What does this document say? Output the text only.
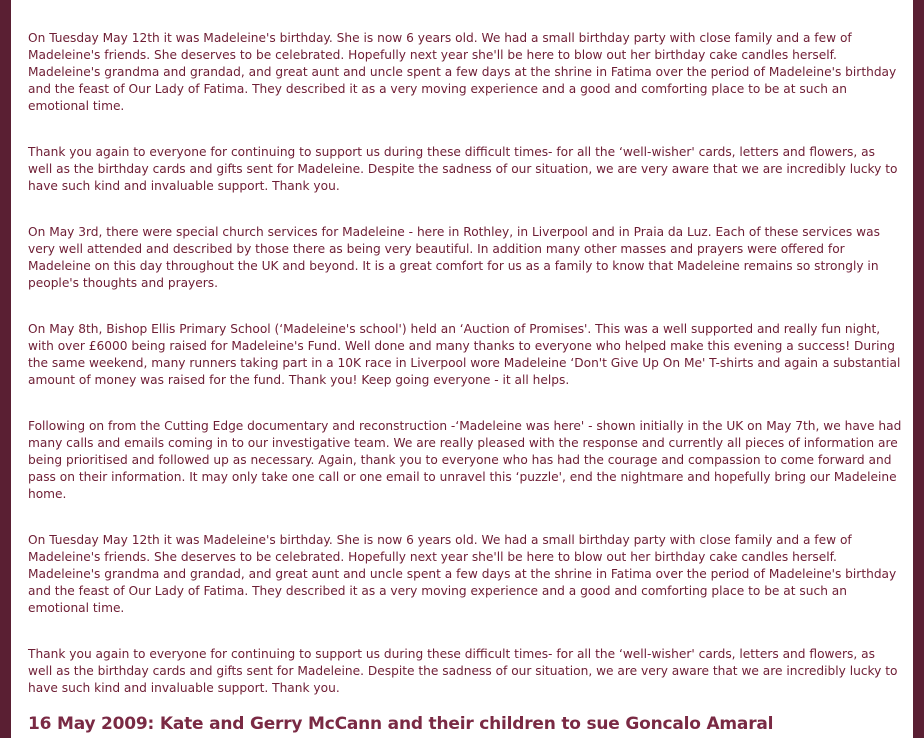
On Tuesday May 12th it was Madeleine's birthday. She is now 6 years old. We had a small birthday party with close family and a few of Madeleine's friends. She deserves to be celebrated. Hopefully next year she'll be here to blow out her birthday cake candles herself. Madeleine's grandma and grandad, and great aunt and uncle spent a few days at the shrine in Fatima over the period of Madeleine's birthday and the feast of Our Lady of Fatima. They described it as a very moving experience and a good and comforting place to be at such an emotional time.

Thank you again to everyone for continuing to support us during these difficult times- for all the ‘well-wisher' cards, letters and flowers, as well as the birthday cards and gifts sent for Madeleine. Despite the sadness of our situation, we are very aware that we are incredibly lucky to have such kind and invaluable support. Thank you.

On May 3rd, there were special church services for Madeleine - here in Rothley, in Liverpool and in Praia da Luz. Each of these services was very well attended and described by those there as being very beautiful. In addition many other masses and prayers were offered for Madeleine on this day throughout the UK and beyond. It is a great comfort for us as a family to know that Madeleine remains so strongly in people's thoughts and prayers.

On May 8th, Bishop Ellis Primary School (‘Madeleine's school') held an ‘Auction of Promises'. This was a well supported and really fun night, with over £6000 being raised for Madeleine's Fund. Well done and many thanks to everyone who helped make this evening a success! During the same weekend, many runners taking part in a 10K race in Liverpool wore Madeleine ‘Don't Give Up On Me' T-shirts and again a substantial amount of money was raised for the fund. Thank you! Keep going everyone - it all helps.

Following on from the Cutting Edge documentary and reconstruction -‘Madeleine was here' - shown initially in the UK on May 7th, we have had many calls and emails coming in to our investigative team. We are really pleased with the response and currently all pieces of information are being prioritised and followed up as necessary. Again, thank you to everyone who has had the courage and compassion to come forward and pass on their information. It may only take one call or one email to unravel this ‘puzzle', end the nightmare and hopefully bring our Madeleine home.

On Tuesday May 12th it was Madeleine's birthday. She is now 6 years old. We had a small birthday party with close family and a few of Madeleine's friends. She deserves to be celebrated. Hopefully next year she'll be here to blow out her birthday cake candles herself. Madeleine's grandma and grandad, and great aunt and uncle spent a few days at the shrine in Fatima over the period of Madeleine's birthday and the feast of Our Lady of Fatima. They described it as a very moving experience and a good and comforting place to be at such an emotional time.

Thank you again to everyone for continuing to support us during these difficult times- for all the ‘well-wisher' cards, letters and flowers, as well as the birthday cards and gifts sent for Madeleine. Despite the sadness of our situation, we are very aware that we are incredibly lucky to have such kind and invaluable support. Thank you.

16 May 2009: Kate and Gerry McCann and their children to sue Goncalo Amaral
